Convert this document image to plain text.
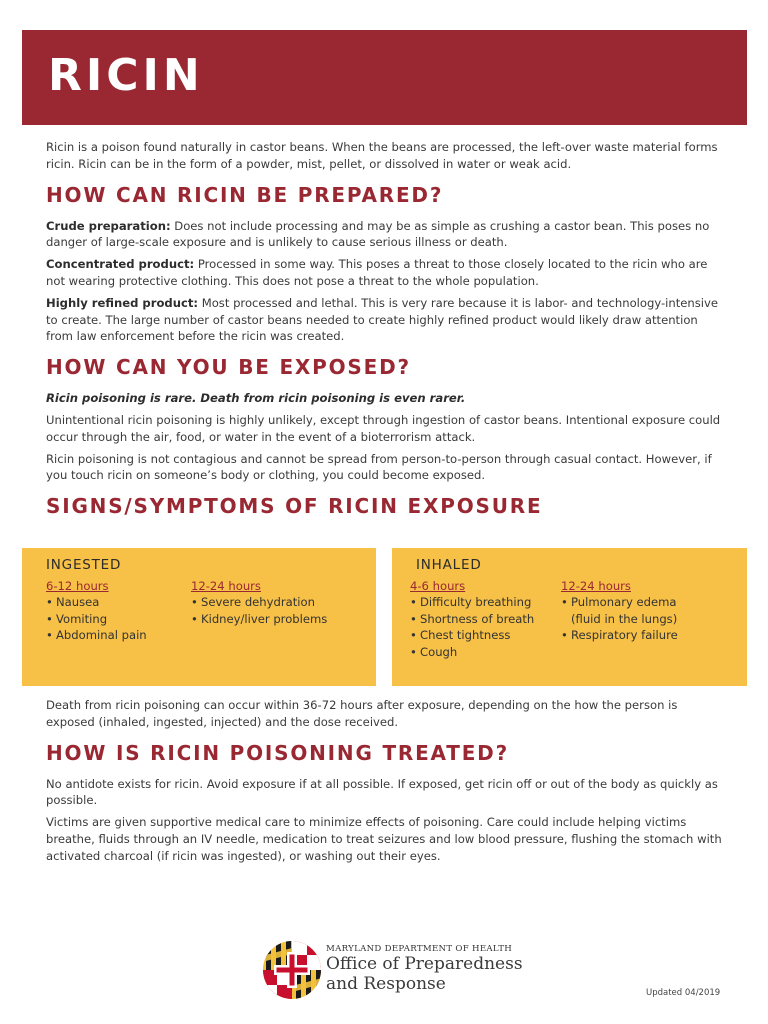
RICIN

Ricin is a poison found naturally in castor beans. When the beans are processed, the left-over waste material forms ricin. Ricin can be in the form of a powder, mist, pellet, or dissolved in water or weak acid.

HOW CAN RICIN BE PREPARED?

Crude preparation: Does not include processing and may be as simple as crushing a castor bean. This poses no danger of large-scale exposure and is unlikely to cause serious illness or death.

Concentrated product: Processed in some way. This poses a threat to those closely located to the ricin who are not wearing protective clothing. This does not pose a threat to the whole population.

Highly refined product: Most processed and lethal. This is very rare because it is labor- and technology-intensive to create. The large number of castor beans needed to create highly refined product would likely draw attention from law enforcement before the ricin was created.

HOW CAN YOU BE EXPOSED?

Ricin poisoning is rare. Death from ricin poisoning is even rarer.

Unintentional ricin poisoning is highly unlikely, except through ingestion of castor beans. Intentional exposure could occur through the air, food, or water in the event of a bioterrorism attack.

Ricin poisoning is not contagious and cannot be spread from person-to-person through casual contact. However, if you touch ricin on someone’s body or clothing, you could become exposed.

SIGNS/SYMPTOMS OF RICIN EXPOSURE
INGESTED
6-12 hours
• Nausea
• Vomiting
• Abdominal pain
12-24 hours
• Severe dehydration
• Kidney/liver problems
INHALED
4-6 hours
• Difficulty breathing
• Shortness of breath
• Chest tightness
• Cough
12-24 hours
• Pulmonary edema (fluid in the lungs)
• Respiratory failure

Death from ricin poisoning can occur within 36-72 hours after exposure, depending on the how the person is exposed (inhaled, ingested, injected) and the dose received.

HOW IS RICIN POISONING TREATED?

No antidote exists for ricin. Avoid exposure if at all possible. If exposed, get ricin off or out of the body as quickly as possible.

Victims are given supportive medical care to minimize effects of poisoning. Care could include helping victims breathe, fluids through an IV needle, medication to treat seizures and low blood pressure, flushing the stomach with activated charcoal (if ricin was ingested), or washing out their eyes.

MARYLAND DEPARTMENT OF HEALTH
Office of Preparedness
and Response	Updated 04/2019
